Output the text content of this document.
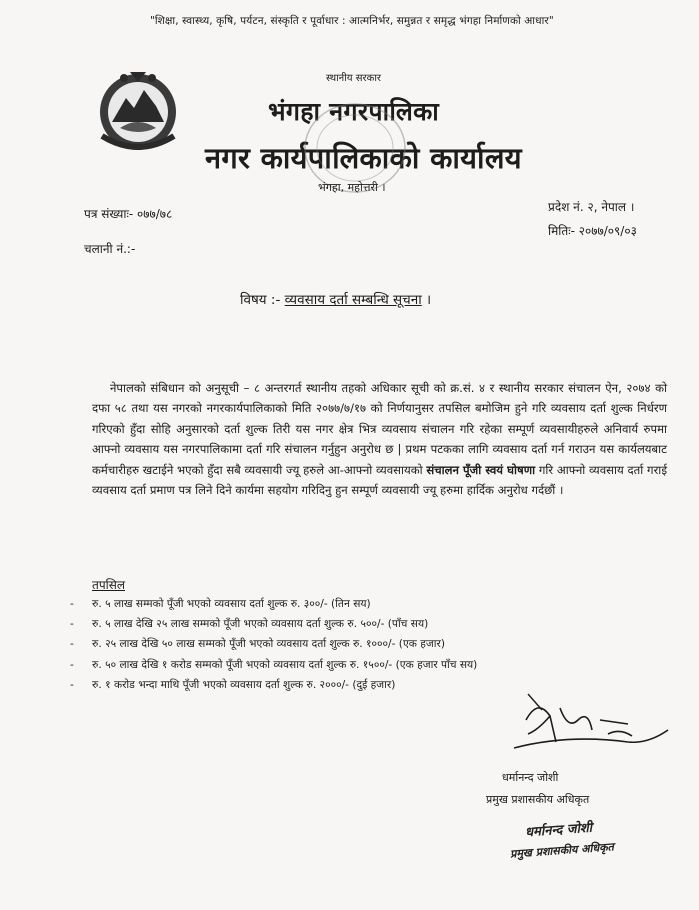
"शिक्षा, स्वास्थ्य, कृषि, पर्यटन, संस्कृति र पूर्वाधार : आत्मनिर्भर, समुन्नत र समृद्ध भंगहा निर्माणको आधार"
स्थानीय सरकार
भंगहा नगरपालिका
नगर कार्यपालिकाको कार्यालय
भंगहा, महोत्तरी ।
प्रदेश नं. २, नेपाल ।
मितिः- २०७७/०९/०३
पत्र संख्याः- ०७७/७८
चलानी नं.:-
विषय :- व्यवसाय दर्ता सम्बन्धि सूचना ।
नेपालको संबिधान को अनुसूची – ८ अन्तरगर्त स्थानीय तहको अधिकार सूची को क्र.सं. ४ र स्थानीय सरकार संचालन ऐन, २०७४ को दफा ५८ तथा यस नगरको नगरकार्यपालिकाको मिति २०७७/७/१७ को निर्णयानुसर तपसिल बमोजिम हुने गरि व्यवसाय दर्ता शुल्क निर्धरण गरिएको हुँदा सोहि अनुसारको दर्ता शुल्क तिरी यस नगर क्षेत्र भित्र व्यवसाय संचालन गरि रहेका सम्पूर्ण व्यवसायीहरुले अनिवार्य रुपमा आफ्नो व्यवसाय यस नगरपालिकामा दर्ता गरि संचालन गर्नुहुन अनुरोध छ | प्रथम पटकका लागि व्यवसाय दर्ता गर्न गराउन यस कार्यलयबाट कर्मचारीहरु खटाईने भएको हुँदा सबै व्यवसायी ज्यू हरुले आ-आफ्नो व्यवसायको संचालन पूँजी स्वयं घोषणा गरि आफ्नो व्यवसाय दर्ता गराई व्यवसाय दर्ता प्रमाण पत्र लिने दिने कार्यमा सहयोग गरिदिनु हुन सम्पूर्ण व्यवसायी ज्यू हरुमा हार्दिक अनुरोध गर्दछौं ।
तपसिल
- रु. ५ लाख सम्मको पूँजी भएको व्यवसाय दर्ता शुल्क रु. ३००/- (तिन सय)
- रु. ५ लाख देखि २५ लाख सम्मको पूँजी भएको व्यवसाय दर्ता शुल्क रु. ५००/- (पाँच सय)
- रु. २५ लाख देखि ५० लाख सम्मको पूँजी भएको व्यवसाय दर्ता शुल्क रु. १०००/- (एक हजार)
- रु. ५० लाख देखि १ करोड सम्मको पूँजी भएको व्यवसाय दर्ता शुल्क रु. १५००/- (एक हजार पाँच सय)
- रु. १ करोड भन्दा माथि पूँजी भएको व्यवसाय दर्ता शुल्क रु. २०००/- (दुई हजार)
धर्मानन्द जोशी
प्रमुख प्रशासकीय अधिकृत
धर्मानन्द जोशी
प्रमुख प्रशासकीय अधिकृत
